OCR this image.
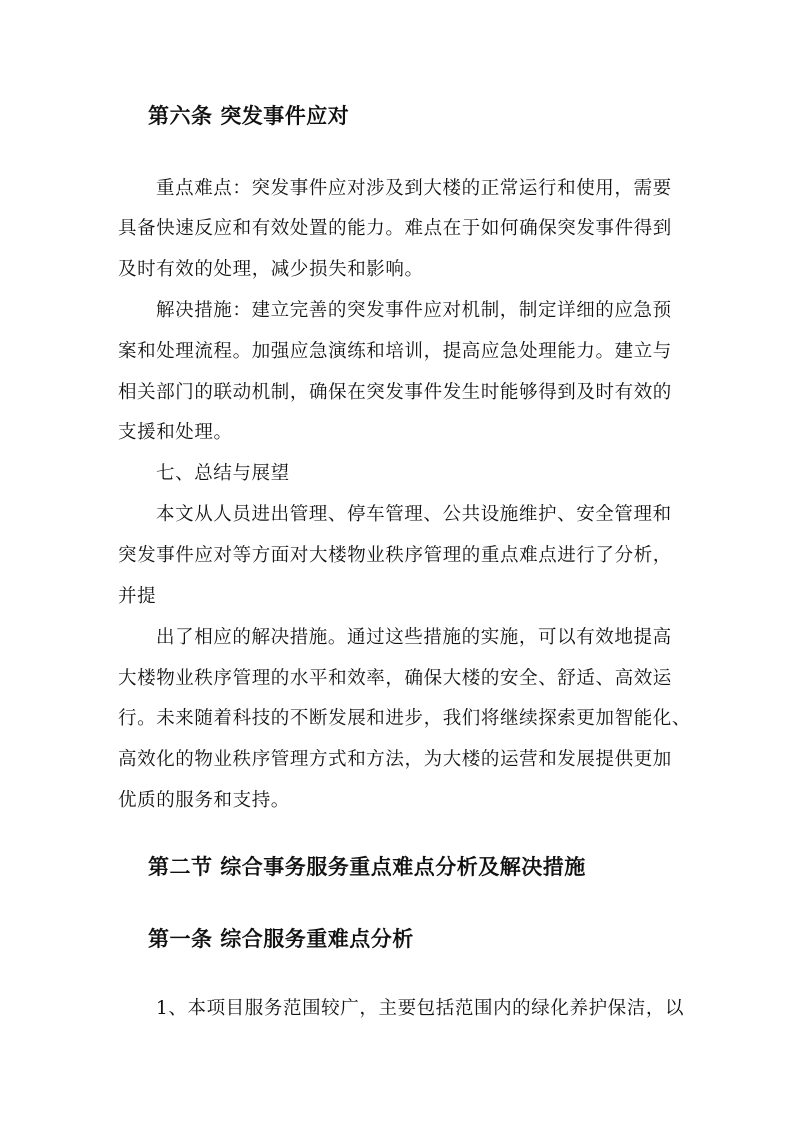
第六条 突发事件应对
重点难点：突发事件应对涉及到大楼的正常运行和使用，需要
具备快速反应和有效处置的能力。难点在于如何确保突发事件得到
及时有效的处理，减少损失和影响。
解决措施：建立完善的突发事件应对机制，制定详细的应急预
案和处理流程。加强应急演练和培训，提高应急处理能力。建立与
相关部门的联动机制，确保在突发事件发生时能够得到及时有效的
支援和处理。
七、总结与展望
本文从人员进出管理、停车管理、公共设施维护、安全管理和
突发事件应对等方面对大楼物业秩序管理的重点难点进行了分析，
并提
出了相应的解决措施。通过这些措施的实施，可以有效地提高
大楼物业秩序管理的水平和效率，确保大楼的安全、舒适、高效运
行。未来随着科技的不断发展和进步，我们将继续探索更加智能化、
高效化的物业秩序管理方式和方法，为大楼的运营和发展提供更加
优质的服务和支持。
第二节 综合事务服务重点难点分析及解决措施
第一条 综合服务重难点分析
1、本项目服务范围较广，主要包括范围内的绿化养护保洁，以
